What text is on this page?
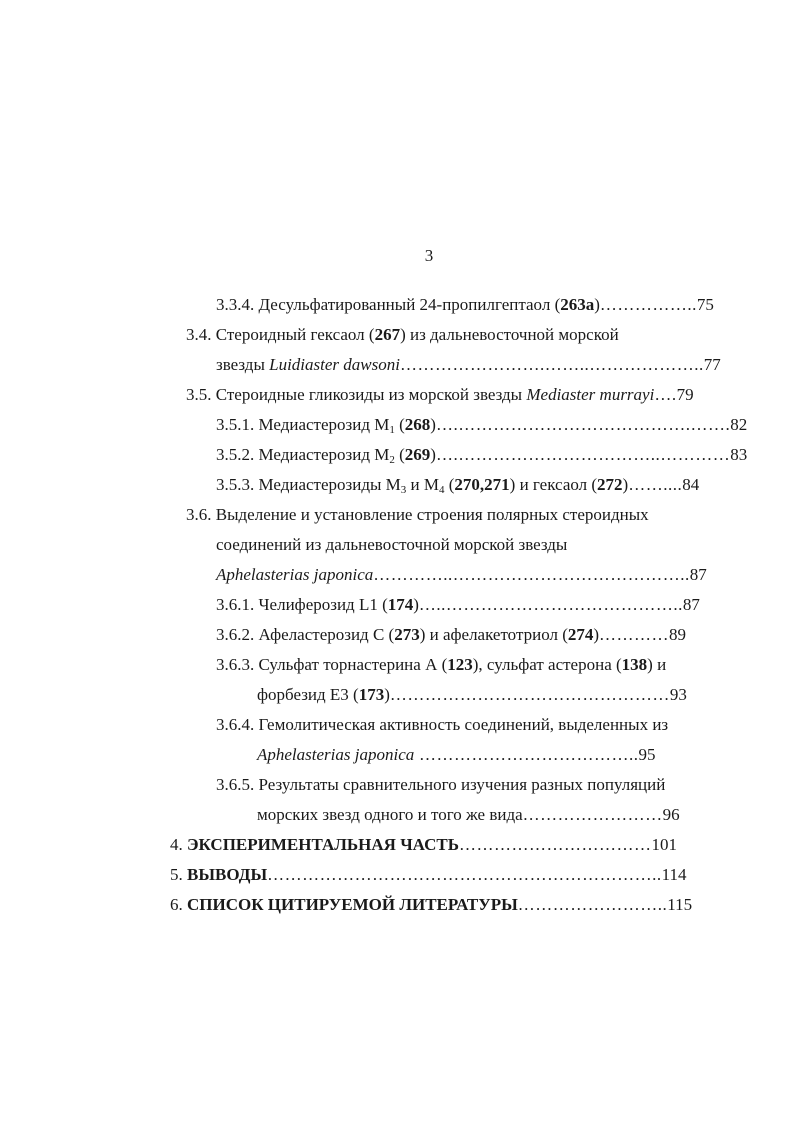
3
3.3.4. Десульфатированный 24-пропилгептаол (263a)……………..75
3.4. Стероидный гексаол (267) из дальневосточной морской
звезды Luidiaster dawsoni…………………….……..………………..77
3.5. Стероидные гликозиды из морской звезды Mediaster murrayi….79
3.5.1. Медиастерозид $М_1$ (268)….………………………………….…….82
3.5.2. Медиастерозид $М_2$ (269)….……………………………..…………83
3.5.3. Медиастерозиды $М_3$ и $М_4$ (270,271) и гексаол (272)……....84
3.6. Выделение и установление строения полярных стероидных
соединений из дальневосточной морской звезды
Aphelasterias japonica…………..…………………………………..87
3.6.1. Челиферозид L1 (174)…..…………………………………..87
3.6.2. Афеластерозид С (273) и афелакетотриол (274)…………89
3.6.3. Сульфат торнастерина А (123), сульфат астерона (138) и
форбезид Е3 (173)…………………………………………93
3.6.4. Гемолитическая активность соединений, выделенных из
Aphelasterias japonica ………………………………..95
3.6.5. Результаты сравнительного изучения разных популяций
морских звезд одного и того же вида……………………96
4. ЭКСПЕРИМЕНТАЛЬНАЯ ЧАСТЬ……………………………101
5. ВЫВОДЫ…………………………………………………………..114
6. СПИСОК ЦИТИРУЕМОЙ ЛИТЕРАТУРЫ……………………..115
